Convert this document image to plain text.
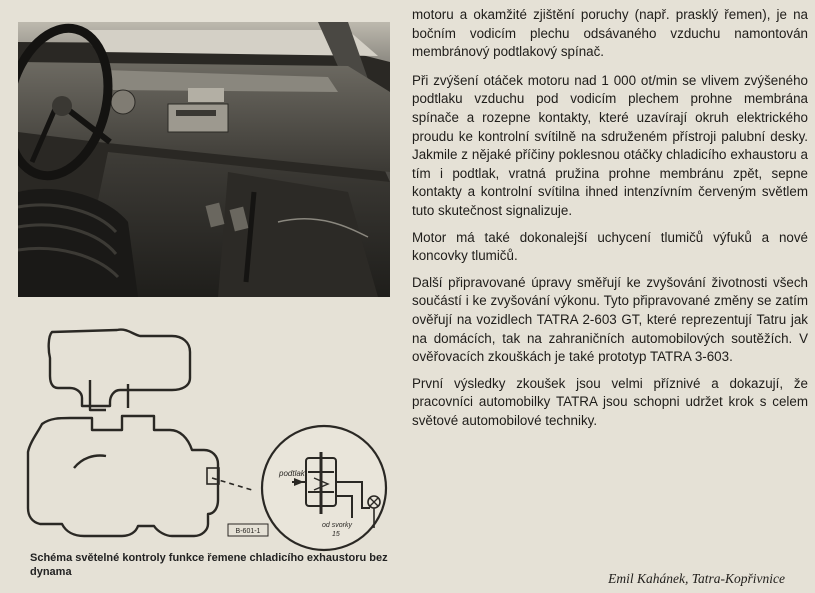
B-601-1
podtlak
od svorky
15
Schéma světelné kontroly funkce řemene chladicího exhaustoru bez dynama

motoru a okamžité zjištění poruchy (např. prasklý řemen), je na bočním vodicím plechu odsávaného vzduchu namontován membránový podtlakový spínač.

Při zvýšení otáček motoru nad 1 000 ot/min se vlivem zvýšeného podtlaku vzduchu pod vodicím plechem prohne membrána spínače a rozepne kontakty, které uzavírají okruh elektrického proudu ke kontrolní svítilně na sdruženém přístroji palubní desky. Jakmile z nějaké příčiny poklesnou otáčky chladicího exhaustoru a tím i podtlak, vratná pružina prohne membránu zpět, sepne kontakty a kontrolní svítilna ihned intenzívním červeným světlem tuto skutečnost signalizuje.

Motor má také dokonalejší uchycení tlumičů výfuků a nové koncovky tlumičů.

Další připravované úpravy směřují ke zvyšování životnosti všech součástí i ke zvyšování výkonu. Tyto připravované změny se zatím ověřují na vozidlech TATRA 2-603 GT, které reprezentují Tatru jak na domácích, tak na zahraničních automobilových soutěžích. V ověřovacích zkouškách je také prototyp TATRA 3-603.

První výsledky zkoušek jsou velmi příznivé a dokazují, že pracovníci automobilky TATRA jsou schopni udržet krok s celem světové automobilové techniky.

Emil Kahánek, Tatra-Kopřivnice
